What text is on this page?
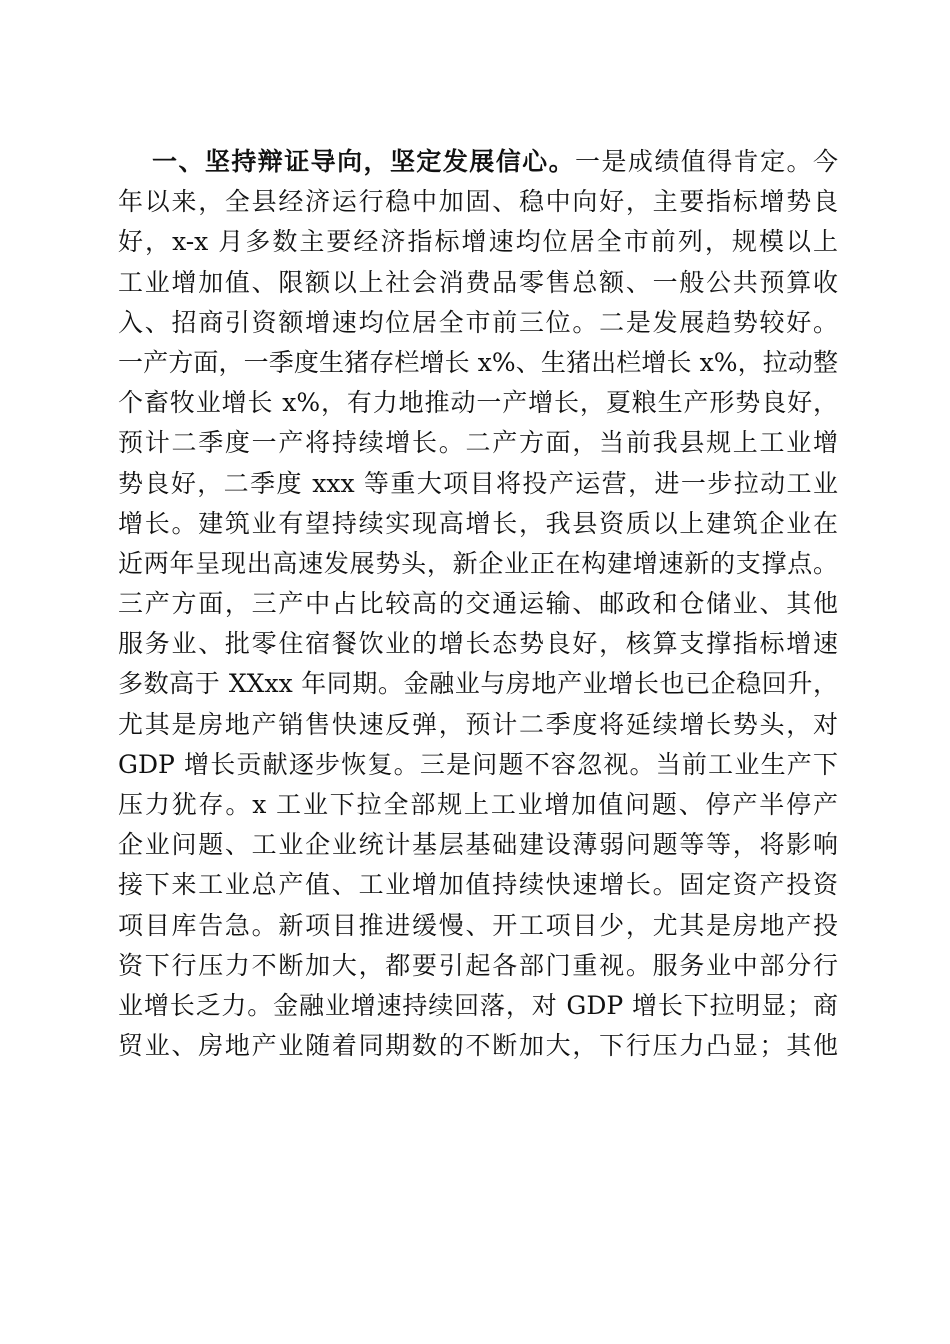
一、坚持辩证导向，坚定发展信心。一是成绩值得肯定。今
年以来，全县经济运行稳中加固、稳中向好，主要指标增势良
好，x-x 月多数主要经济指标增速均位居全市前列，规模以上
工业增加值、限额以上社会消费品零售总额、一般公共预算收
入、招商引资额增速均位居全市前三位。二是发展趋势较好。
一产方面，一季度生猪存栏增长 x%、生猪出栏增长 x%，拉动整
个畜牧业增长 x%，有力地推动一产增长，夏粮生产形势良好，
预计二季度一产将持续增长。二产方面，当前我县规上工业增
势良好，二季度 xxx 等重大项目将投产运营，进一步拉动工业
增长。建筑业有望持续实现高增长，我县资质以上建筑企业在
近两年呈现出高速发展势头，新企业正在构建增速新的支撑点。
三产方面，三产中占比较高的交通运输、邮政和仓储业、其他
服务业、批零住宿餐饮业的增长态势良好，核算支撑指标增速
多数高于 XXxx 年同期。金融业与房地产业增长也已企稳回升，
尤其是房地产销售快速反弹，预计二季度将延续增长势头，对
GDP 增长贡献逐步恢复。三是问题不容忽视。当前工业生产下
压力犹存。x 工业下拉全部规上工业增加值问题、停产半停产
企业问题、工业企业统计基层基础建设薄弱问题等等，将影响
接下来工业总产值、工业增加值持续快速增长。固定资产投资
项目库告急。新项目推进缓慢、开工项目少，尤其是房地产投
资下行压力不断加大，都要引起各部门重视。服务业中部分行
业增长乏力。金融业增速持续回落，对 GDP 增长下拉明显；商
贸业、房地产业随着同期数的不断加大，下行压力凸显；其他
